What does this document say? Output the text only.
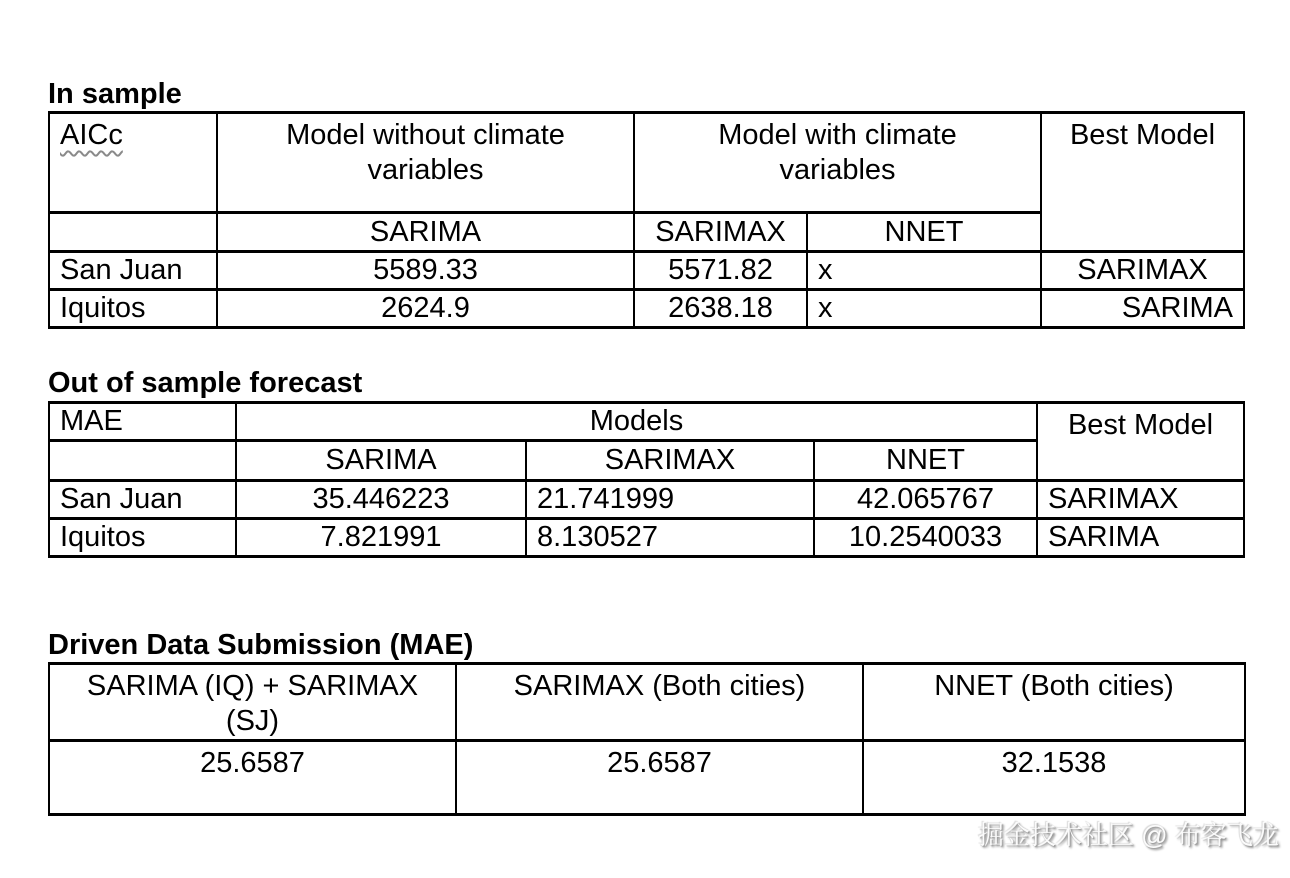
In sample
AICc	Model without climate variables	Model with climate variables		Best Model
	SARIMA	SARIMAX	NNET	
San Juan	5589.33	5571.82	x	SARIMAX
Iquitos	2624.9	2638.18	x	SARIMA
Out of sample forecast
MAE	Models			Best Model
	SARIMA	SARIMAX	NNET	
San Juan	35.446223	21.741999	42.065767	SARIMAX
Iquitos	7.821991	8.130527	10.2540033	SARIMA
Driven Data Submission (MAE)
SARIMA (IQ) + SARIMAX (SJ)	SARIMAX (Both cities)	NNET (Both cities)
25.6587	25.6587	32.1538
掘金技术社区 @ 布客飞龙
